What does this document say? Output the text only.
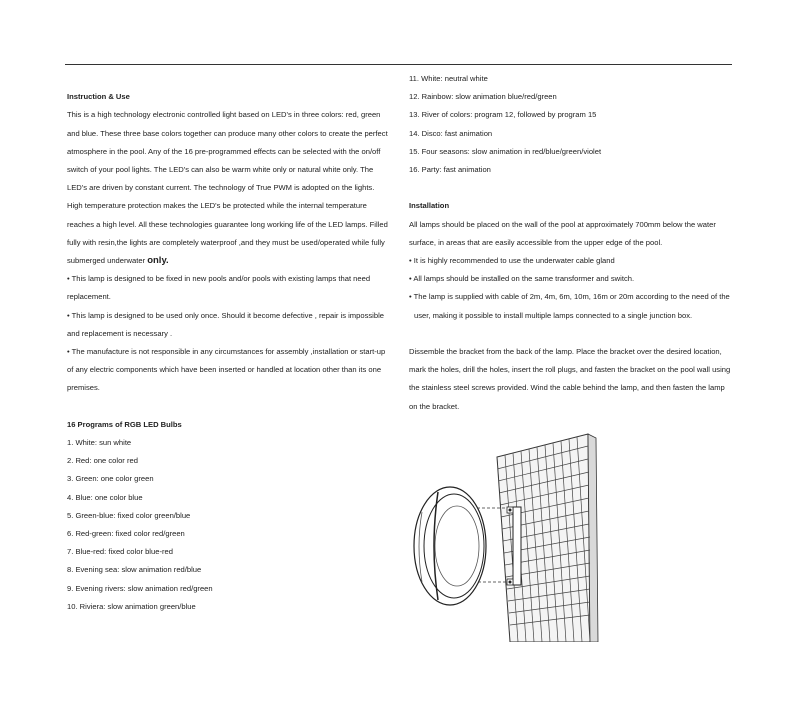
Instruction & Use

This is a high technology electronic controlled light based on LED's in three colors: red, green

and blue. These three base colors together can produce many other colors to create the perfect

atmosphere in the pool. Any of the 16 pre-programmed effects can be selected with the on/off

switch of your pool lights. The LED's can also be warm white only or natural white only. The

LED's are driven by constant current. The technology of True PWM is adopted on the lights.

High temperature protection makes the LED's be protected while the internal temperature

reaches a high level. All these technologies guarantee long working life of the LED lamps. Filled

fully with resin,the lights are completely waterproof ,and they must be used/operated while fully

submerged underwater only.

• This lamp is designed to be fixed in new pools and/or pools with existing lamps that need

replacement.

• This lamp is designed to be used only once. Should it become defective , repair is impossible

and replacement is necessary .

• The manufacture is not responsible in any circumstances for assembly ,installation or start-up

of any electric components which have been inserted or handled at location other than its one

premises.

16 Programs of RGB LED Bulbs

1. White: sun white

2. Red: one color red

3. Green: one color green

4. Blue: one color blue

5. Green-blue: fixed color green/blue

6. Red-green: fixed color red/green

7. Blue-red: fixed color blue-red

8. Evening sea: slow animation red/blue

9. Evening rivers: slow animation red/green

10. Riviera: slow animation green/blue

11. White: neutral white

12. Rainbow: slow animation blue/red/green

13. River of colors: program 12, followed by program 15

14. Disco: fast animation

15. Four seasons: slow animation in red/blue/green/violet

16. Party: fast animation

Installation

All lamps should be placed on the wall of the pool at approximately 700mm below the water

surface, in areas that are easily accessible from the upper edge of the pool.

• It is highly recommended to use the underwater cable gland

• All lamps should be installed on the same transformer and switch.

• The lamp is supplied with cable of 2m, 4m, 6m, 10m, 16m or 20m according to the need of the

user, making it possible to install multiple lamps connected to a single junction box.

Dissemble the bracket from the back of the lamp. Place the bracket over the desired location,

mark the holes, drill the holes, insert the roll plugs, and fasten the bracket on the pool wall using

the stainless steel screws provided. Wind the cable behind the lamp, and then fasten the lamp

on the bracket.
